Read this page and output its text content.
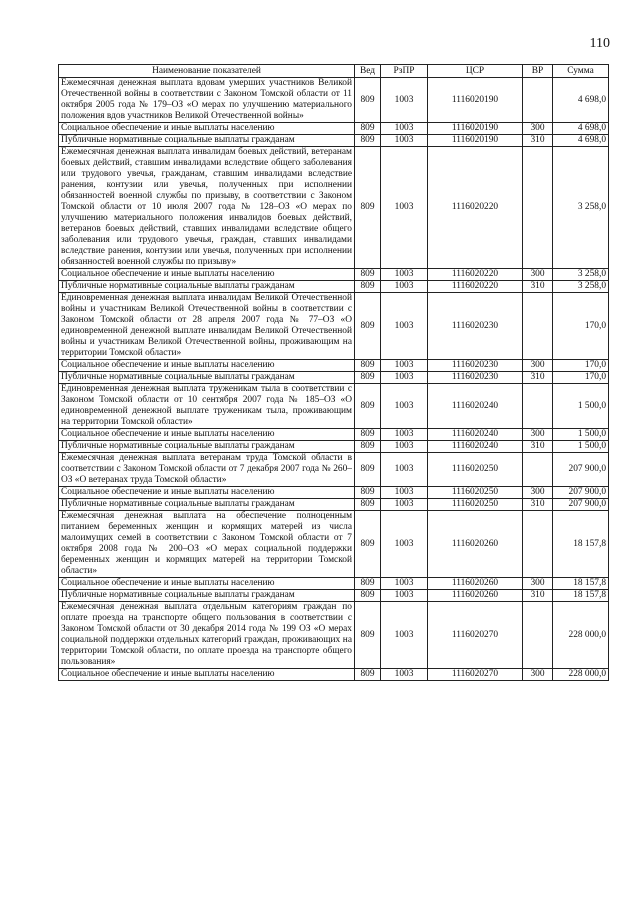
110
Наименование показателей	Вед	РзПР	ЦСР	ВР	Сумма
Ежемесячная денежная выплата вдовам умерших участников Великой Отечественной войны в соответствии с Законом Томской области от 11 октября 2005 года № 179–ОЗ «О мерах по улучшению материального положения вдов участников Великой Отечественной войны»	809	1003	1116020190		4 698,0
Социальное обеспечение и иные выплаты населению	809	1003	1116020190	300	4 698,0
Публичные нормативные социальные выплаты гражданам	809	1003	1116020190	310	4 698,0
Ежемесячная денежная выплата инвалидам боевых действий, ветеранам боевых действий, ставшим инвалидами вследствие общего заболевания или трудового увечья, гражданам, ставшим инвалидами вследствие ранения, контузии или увечья, полученных при исполнении обязанностей военной службы по призыву, в соответствии с Законом Томской области от 10 июля 2007 года № 128–ОЗ «О мерах по улучшению материального положения инвалидов боевых действий, ветеранов боевых действий, ставших инвалидами вследствие общего заболевания или трудового увечья, граждан, ставших инвалидами вследствие ранения, контузии или увечья, полученных при исполнении обязанностей военной службы по призыву»	809	1003	1116020220		3 258,0
Социальное обеспечение и иные выплаты населению	809	1003	1116020220	300	3 258,0
Публичные нормативные социальные выплаты гражданам	809	1003	1116020220	310	3 258,0
Единовременная денежная выплата инвалидам Великой Отечественной войны и участникам Великой Отечественной войны в соответствии с Законом Томской области от 28 апреля 2007 года № 77–ОЗ «О единовременной денежной выплате инвалидам Великой Отечественной войны и участникам Великой Отечественной войны, проживающим на территории Томской области»	809	1003	1116020230		170,0
Социальное обеспечение и иные выплаты населению	809	1003	1116020230	300	170,0
Публичные нормативные социальные выплаты гражданам	809	1003	1116020230	310	170,0
Единовременная денежная выплата труженикам тыла в соответствии с Законом Томской области от 10 сентября 2007 года № 185–ОЗ «О единовременной денежной выплате труженикам тыла, проживающим на территории Томской области»	809	1003	1116020240		1 500,0
Социальное обеспечение и иные выплаты населению	809	1003	1116020240	300	1 500,0
Публичные нормативные социальные выплаты гражданам	809	1003	1116020240	310	1 500,0
Ежемесячная денежная выплата ветеранам труда Томской области в соответствии с Законом Томской области от 7 декабря 2007 года № 260–ОЗ «О ветеранах труда Томской области»	809	1003	1116020250		207 900,0
Социальное обеспечение и иные выплаты населению	809	1003	1116020250	300	207 900,0
Публичные нормативные социальные выплаты гражданам	809	1003	1116020250	310	207 900,0
Ежемесячная денежная выплата на обеспечение полноценным питанием беременных женщин и кормящих матерей из числа малоимущих семей в соответствии с Законом Томской области от 7 октября 2008 года № 200–ОЗ «О мерах социальной поддержки беременных женщин и кормящих матерей на территории Томской области»	809	1003	1116020260		18 157,8
Социальное обеспечение и иные выплаты населению	809	1003	1116020260	300	18 157,8
Публичные нормативные социальные выплаты гражданам	809	1003	1116020260	310	18 157,8
Ежемесячная денежная выплата отдельным категориям граждан по оплате проезда на транспорте общего пользования в соответствии с Законом Томской области от 30 декабря 2014 года № 199 ОЗ «О мерах социальной поддержки отдельных категорий граждан, проживающих на территории Томской области, по оплате проезда на транспорте общего пользования»	809	1003	1116020270		228 000,0
Социальное обеспечение и иные выплаты населению	809	1003	1116020270	300	228 000,0
